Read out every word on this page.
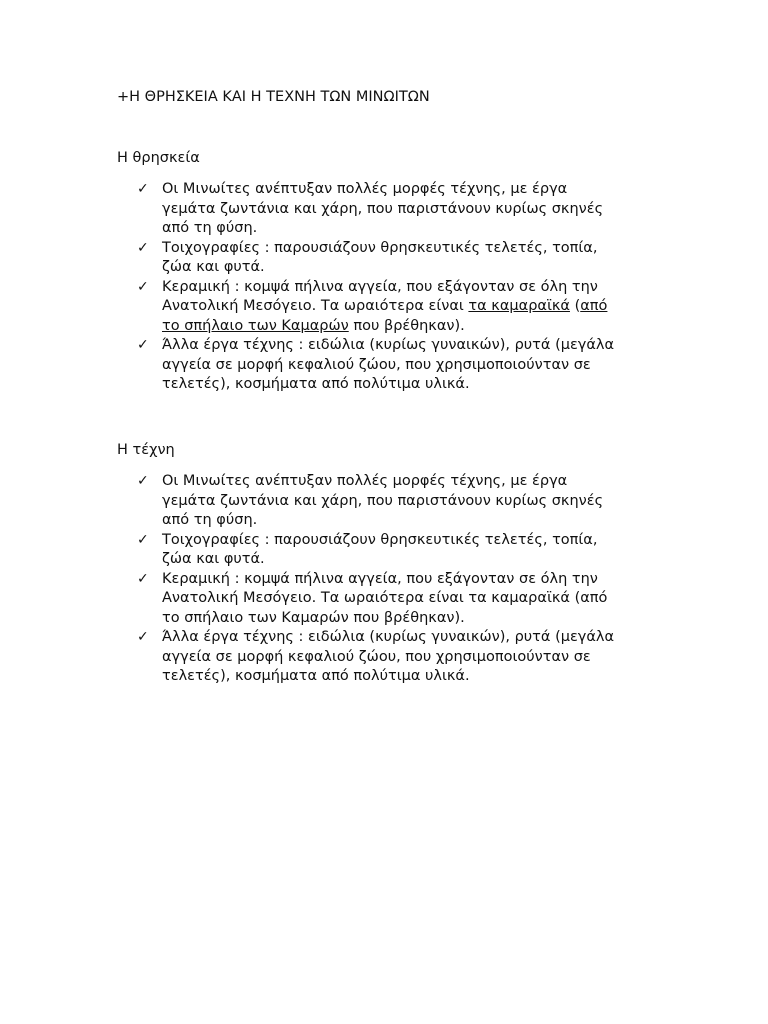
+Η ΘΡΗΣΚΕΙΑ ΚΑΙ Η ΤΕΧΝΗ ΤΩΝ ΜΙΝΩΙΤΩΝ
Η θρησκεία
✓ Οι Μινωίτες ανέπτυξαν πολλές μορφές τέχνης, με έργα
γεμάτα ζωντάνια και χάρη, που παριστάνουν κυρίως σκηνές
από τη φύση.
✓ Τοιχογραφίες : παρουσιάζουν θρησκευτικές τελετές, τοπία,
ζώα και φυτά.
✓ Κεραμική : κομψά πήλινα αγγεία, που εξάγονταν σε όλη την
Ανατολική Μεσόγειο. Τα ωραιότερα είναι τα καμαραϊκά (από
το σπήλαιο των Καμαρών που βρέθηκαν).
✓ Άλλα έργα τέχνης : ειδώλια (κυρίως γυναικών), ρυτά (μεγάλα
αγγεία σε μορφή κεφαλιού ζώου, που χρησιμοποιούνταν σε
τελετές), κοσμήματα από πολύτιμα υλικά.
Η τέχνη
✓ Οι Μινωίτες ανέπτυξαν πολλές μορφές τέχνης, με έργα
γεμάτα ζωντάνια και χάρη, που παριστάνουν κυρίως σκηνές
από τη φύση.
✓ Τοιχογραφίες : παρουσιάζουν θρησκευτικές τελετές, τοπία,
ζώα και φυτά.
✓ Κεραμική : κομψά πήλινα αγγεία, που εξάγονταν σε όλη την
Ανατολική Μεσόγειο. Τα ωραιότερα είναι τα καμαραϊκά (από
το σπήλαιο των Καμαρών που βρέθηκαν).
✓ Άλλα έργα τέχνης : ειδώλια (κυρίως γυναικών), ρυτά (μεγάλα
αγγεία σε μορφή κεφαλιού ζώου, που χρησιμοποιούνταν σε
τελετές), κοσμήματα από πολύτιμα υλικά.
